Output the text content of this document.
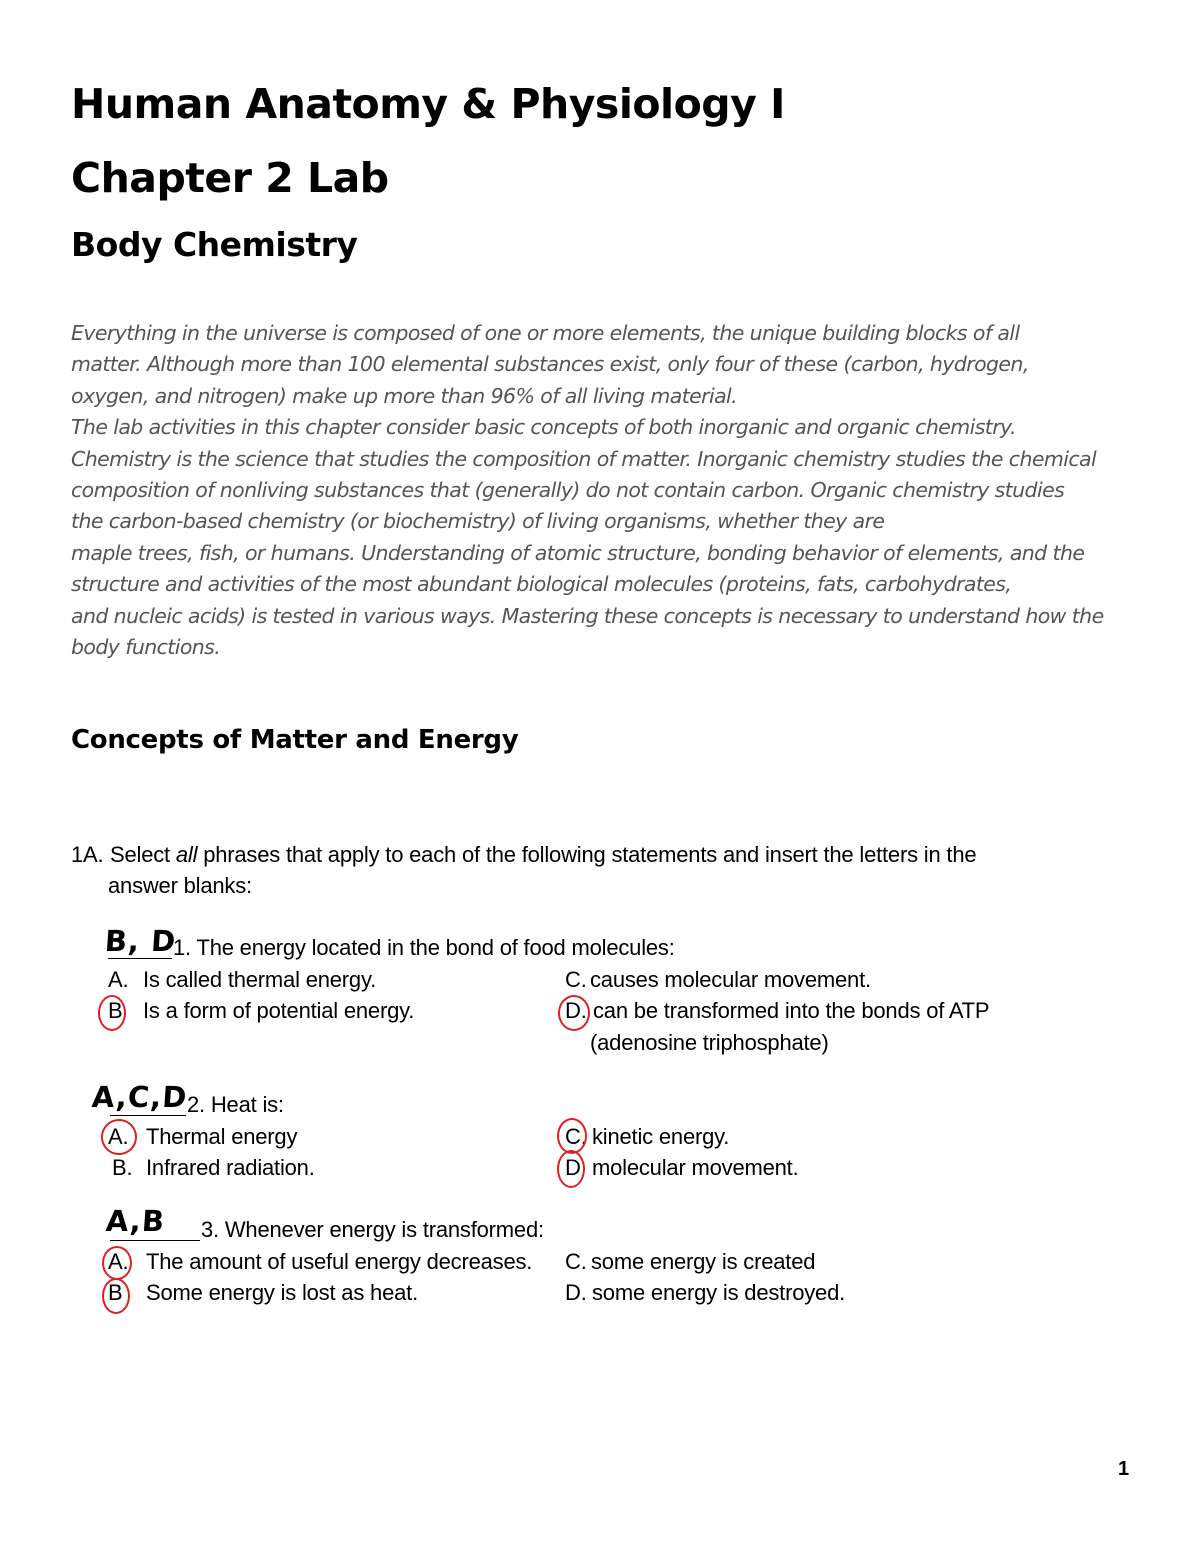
Human Anatomy & Physiology I
Chapter 2 Lab
Body Chemistry
Everything in the universe is composed of one or more elements, the unique building blocks of all
matter. Although more than 100 elemental substances exist, only four of these (carbon, hydrogen,
oxygen, and nitrogen) make up more than 96% of all living material.
The lab activities in this chapter consider basic concepts of both inorganic and organic chemistry.
Chemistry is the science that studies the composition of matter. Inorganic chemistry studies the chemical
composition of nonliving substances that (generally) do not contain carbon. Organic chemistry studies
the carbon-based chemistry (or biochemistry) of living organisms, whether they are
maple trees, fish, or humans. Understanding of atomic structure, bonding behavior of elements, and the
structure and activities of the most abundant biological molecules (proteins, fats, carbohydrates,
and nucleic acids) is tested in various ways. Mastering these concepts is necessary to understand how the
body functions.
Concepts of Matter and Energy
1A. Select all phrases that apply to each of the following statements and insert the letters in the
answer blanks:
B, D
1. The energy located in the bond of food molecules:
A. Is called thermal energy.	C. causes molecular movement.
B Is a form of potential energy.	D. can be transformed into the bonds of ATP
(adenosine triphosphate)
A,C,D
2. Heat is:
A. Thermal energy	C. kinetic energy.
B. Infrared radiation.	D molecular movement.
A,B 3. Whenever energy is transformed:
A. The amount of useful energy decreases. C. some energy is created
B Some energy is lost as heat.	D. some energy is destroyed.
1
